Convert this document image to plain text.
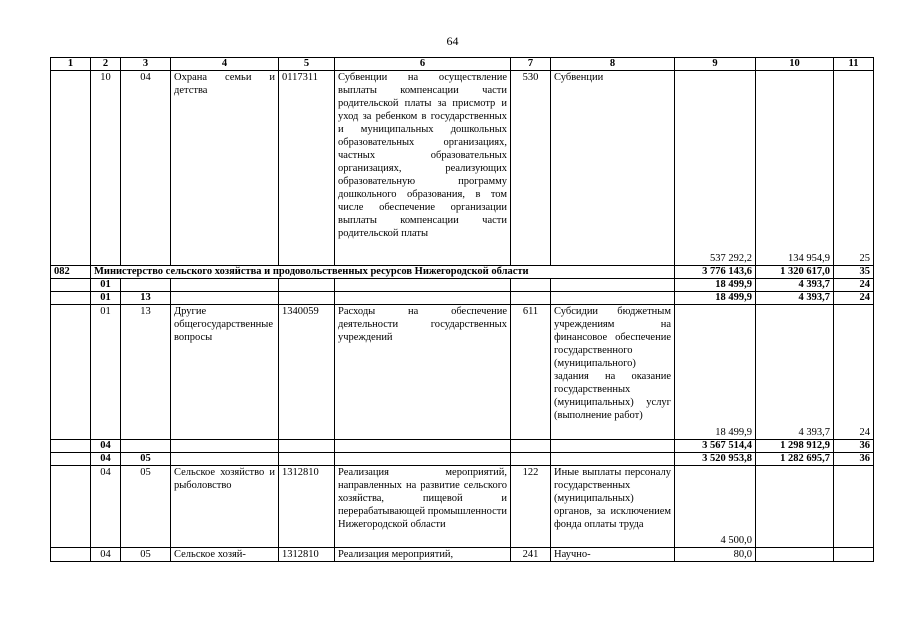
64
1	2	3	4	5	6	7	8	9	10	11
	10	04	Охрана семьи и детства	0117311	Субвенции на осуществление выплаты компенсации части родительской платы за присмотр и уход за ребенком в государственных и муниципальных дошкольных образовательных организациях, частных образовательных организациях, реализующих образовательную программу дошкольного образования, в том числе обеспечение организации выплаты компенсации части родительской платы	530	Субвенции	537 292,2	134 954,9	25
082	Министерство сельского хозяйства и продовольственных ресурсов Нижегородской области							3 776 143,6	1 320 617,0	35
	01							18 499,9	4 393,7	24
	01	13						18 499,9	4 393,7	24
	01	13	Другие общегосударственные вопросы	1340059	Расходы на обеспечение деятельности государственных учреждений	611	Субсидии бюджетным учреждениям на финансовое обеспечение государственного (муниципального) задания на оказание государственных (муниципальных) услуг (выполнение работ)	18 499,9	4 393,7	24
	04							3 567 514,4	1 298 912,9	36
	04	05						3 520 953,8	1 282 695,7	36
	04	05	Сельское хозяйство и рыболовство	1312810	Реализация мероприятий, направленных на развитие сельского хозяйства, пищевой и перерабатывающей промышленности Нижегородской области	122	Иные выплаты персоналу государственных (муниципальных) органов, за исключением фонда оплаты труда	4 500,0		
	04	05	Сельское хозяй-	1312810	Реализация мероприятий,	241	Научно-	80,0		
